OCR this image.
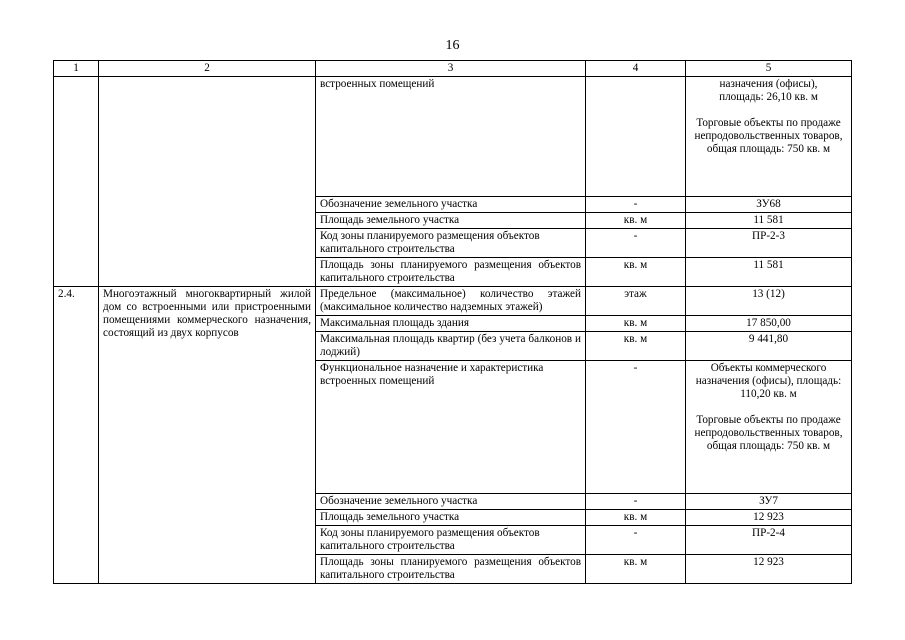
16
1	2	3	4	5
		встроенных помещений		назначения (офисы),
площадь: 26,10 кв. м

Торговые объекты по продаже непродовольственных товаров, общая площадь: 750 кв. м
		Обозначение земельного участка	-	ЗУ68
		Площадь земельного участка	кв. м	11 581
		Код зоны планируемого размещения объектов капитального строительства	-	ПР-2-3
		Площадь зоны планируемого размещения объектов капитального строительства	кв. м	11 581
2.4.	Многоэтажный многоквартирный жилой дом со встроенными или пристроенными помещениями коммерческого назначения, состоящий из двух корпусов	Предельное (максимальное) количество этажей (максимальное количество надземных этажей)	этаж	13 (12)
		Максимальная площадь здания	кв. м	17 850,00
		Максимальная площадь квартир (без учета балконов и лоджий)	кв. м	9 441,80
		Функциональное назначение и характеристика встроенных помещений	-	Объекты коммерческого назначения (офисы), площадь: 110,20 кв. м

Торговые объекты по продаже непродовольственных товаров, общая площадь: 750 кв. м
		Обозначение земельного участка	-	ЗУ7
		Площадь земельного участка	кв. м	12 923
		Код зоны планируемого размещения объектов капитального строительства	-	ПР-2-4
		Площадь зоны планируемого размещения объектов капитального строительства	кв. м	12 923
